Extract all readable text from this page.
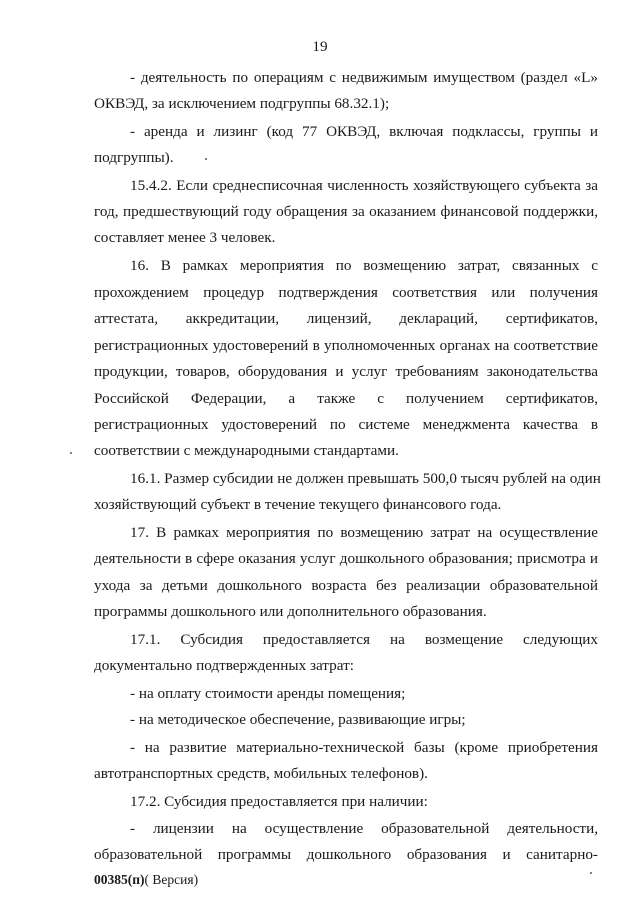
19
- деятельность по операциям с недвижимым имуществом (раздел «L»
ОКВЭД, за исключением подгруппы 68.32.1);
- аренда и лизинг (код 77 ОКВЭД, включая подклассы, группы и
подгруппы).
15.4.2. Если среднесписочная численность хозяйствующего субъекта за
год, предшествующий году обращения за оказанием финансовой поддержки,
составляет менее 3 человек.
16. В рамках мероприятия по возмещению затрат, связанных с
прохождением процедур подтверждения соответствия или получения
аттестата, аккредитации, лицензий, деклараций, сертификатов,
регистрационных удостоверений в уполномоченных органах на соответствие
продукции, товаров, оборудования и услуг требованиям законодательства
Российской Федерации, а также с получением сертификатов,
регистрационных удостоверений по системе менеджмента качества в
соответствии с международными стандартами.
16.1. Размер субсидии не должен превышать 500,0 тысяч рублей на один
хозяйствующий субъект в течение текущего финансового года.
17. В рамках мероприятия по возмещению затрат на осуществление
деятельности в сфере оказания услуг дошкольного образования; присмотра и
ухода за детьми дошкольного возраста без реализации образовательной
программы дошкольного или дополнительного образования.
17.1. Субсидия предоставляется на возмещение следующих
документально подтвержденных затрат:
- на оплату стоимости аренды помещения;
- на методическое обеспечение, развивающие игры;
- на развитие материально-технической базы (кроме приобретения
автотранспортных средств, мобильных телефонов).
17.2. Субсидия предоставляется при наличии:
- лицензии на осуществление образовательной деятельности,
образовательной программы дошкольного образования и санитарно-
00385(п)( Версия)
